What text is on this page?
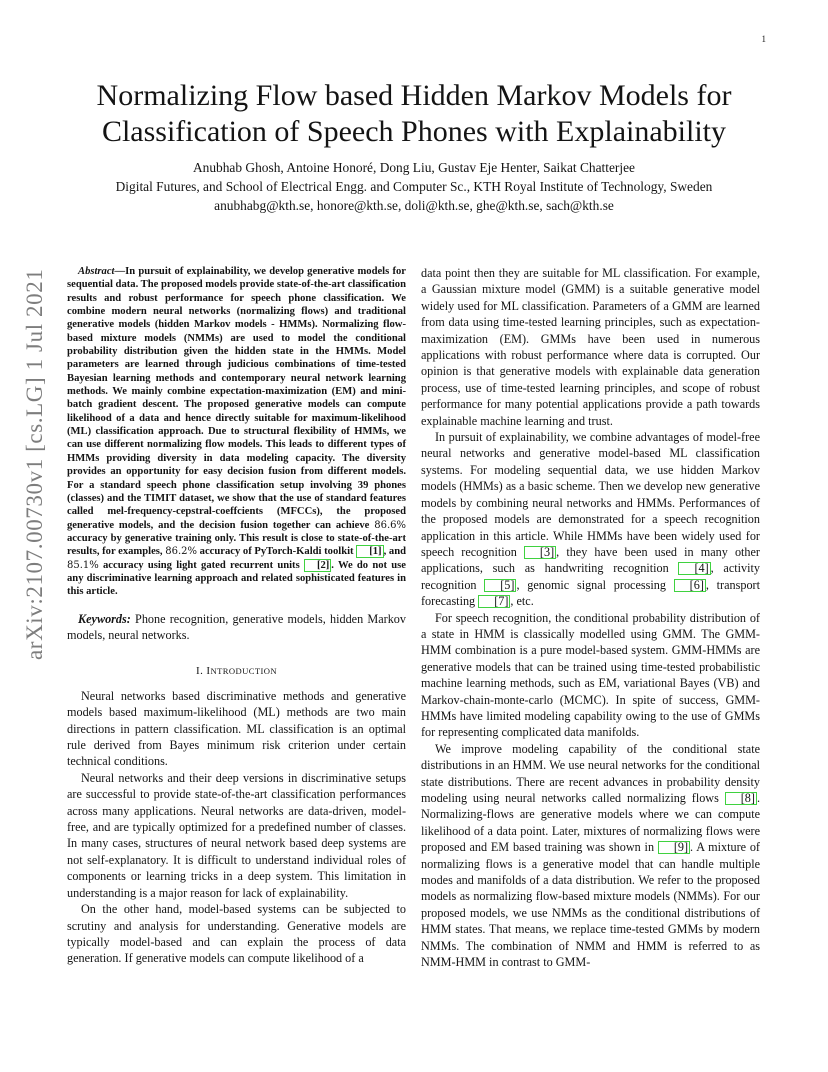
1
arXiv:2107.00730v1 [cs.LG] 1 Jul 2021
Normalizing Flow based Hidden Markov Models for
Classification of Speech Phones with Explainability
Anubhab Ghosh, Antoine Honoré, Dong Liu, Gustav Eje Henter, Saikat Chatterjee
Digital Futures, and School of Electrical Engg. and Computer Sc., KTH Royal Institute of Technology, Sweden
anubhabg@kth.se, honore@kth.se, doli@kth.se, ghe@kth.se, sach@kth.se

Abstract—In pursuit of explainability, we develop generative models for sequential data. The proposed models provide state-of-the-art classification results and robust performance for speech phone classification. We combine modern neural networks (normalizing flows) and traditional generative models (hidden Markov models - HMMs). Normalizing flow-based mixture models (NMMs) are used to model the conditional probability distribution given the hidden state in the HMMs. Model parameters are learned through judicious combinations of time-tested Bayesian learning methods and contemporary neural network learning methods. We mainly combine expectation-maximization (EM) and mini-batch gradient descent. The proposed generative models can compute likelihood of a data and hence directly suitable for maximum-likelihood (ML) classification approach. Due to structural flexibility of HMMs, we can use different normalizing flow models. This leads to different types of HMMs providing diversity in data modeling capacity. The diversity provides an opportunity for easy decision fusion from different models. For a standard speech phone classification setup involving 39 phones (classes) and the TIMIT dataset, we show that the use of standard features called mel-frequency-cepstral-coeffcients (MFCCs), the proposed generative models, and the decision fusion together can achieve 86.6% accuracy by generative training only. This result is close to state-of-the-art results, for examples, 86.2% accuracy of PyTorch-Kaldi toolkit [1] , and 85.1% accuracy using light gated recurrent units [2] . We do not use any discriminative learning approach and related sophisticated features in this article.

Keywords: Phone recognition, generative models, hidden Markov models, neural networks.

I. INTRODUCTION

Neural networks based discriminative methods and generative models based maximum-likelihood (ML) methods are two main directions in pattern classification. ML classification is an optimal rule derived from Bayes minimum risk criterion under certain technical conditions.

Neural networks and their deep versions in discriminative setups are successful to provide state-of-the-art classification performances across many applications. Neural networks are data-driven, model-free, and are typically optimized for a predefined number of classes. In many cases, structures of neural network based deep systems are not self-explanatory. It is difficult to understand individual roles of components or learning tricks in a deep system. This limitation in understanding is a major reason for lack of explainability.

On the other hand, model-based systems can be subjected to scrutiny and analysis for understanding. Generative models are typically model-based and can explain the process of data generation. If generative models can compute likelihood of a

data point then they are suitable for ML classification. For example, a Gaussian mixture model (GMM) is a suitable generative model widely used for ML classification. Parameters of a GMM are learned from data using time-tested learning principles, such as expectation-maximization (EM). GMMs have been used in numerous applications with robust performance where data is corrupted. Our opinion is that generative models with explainable data generation process, use of time-tested learning principles, and scope of robust performance for many potential applications provide a path towards explainable machine learning and trust.

In pursuit of explainability, we combine advantages of model-free neural networks and generative model-based ML classification systems. For modeling sequential data, we use hidden Markov models (HMMs) as a basic scheme. Then we develop new generative models by combining neural networks and HMMs. Performances of the proposed models are demonstrated for a speech recognition application in this article. While HMMs have been widely used for speech recognition [3] , they have been used in many other applications, such as handwriting recognition [4] , activity recognition [5] , genomic signal processing [6] , transport forecasting [7] , etc.

For speech recognition, the conditional probability distribution of a state in HMM is classically modelled using GMM. The GMM-HMM combination is a pure model-based system. GMM-HMMs are generative models that can be trained using time-tested probabilistic machine learning methods, such as EM, variational Bayes (VB) and Markov-chain-monte-carlo (MCMC). In spite of success, GMM-HMMs have limited modeling capability owing to the use of GMMs for representing complicated data manifolds.

We improve modeling capability of the conditional state distributions in an HMM. We use neural networks for the conditional state distributions. There are recent advances in probability density modeling using neural networks called normalizing flows [8] . Normalizing-flows are generative models where we can compute likelihood of a data point. Later, mixtures of normalizing flows were proposed and EM based training was shown in [9] . A mixture of normalizing flows is a generative model that can handle multiple modes and manifolds of a data distribution. We refer to the proposed models as normalizing flow-based mixture models (NMMs). For our proposed models, we use NMMs as the conditional distributions of HMM states. That means, we replace time-tested GMMs by modern NMMs. The combination of NMM and HMM is referred to as NMM-HMM in contrast to GMM-
